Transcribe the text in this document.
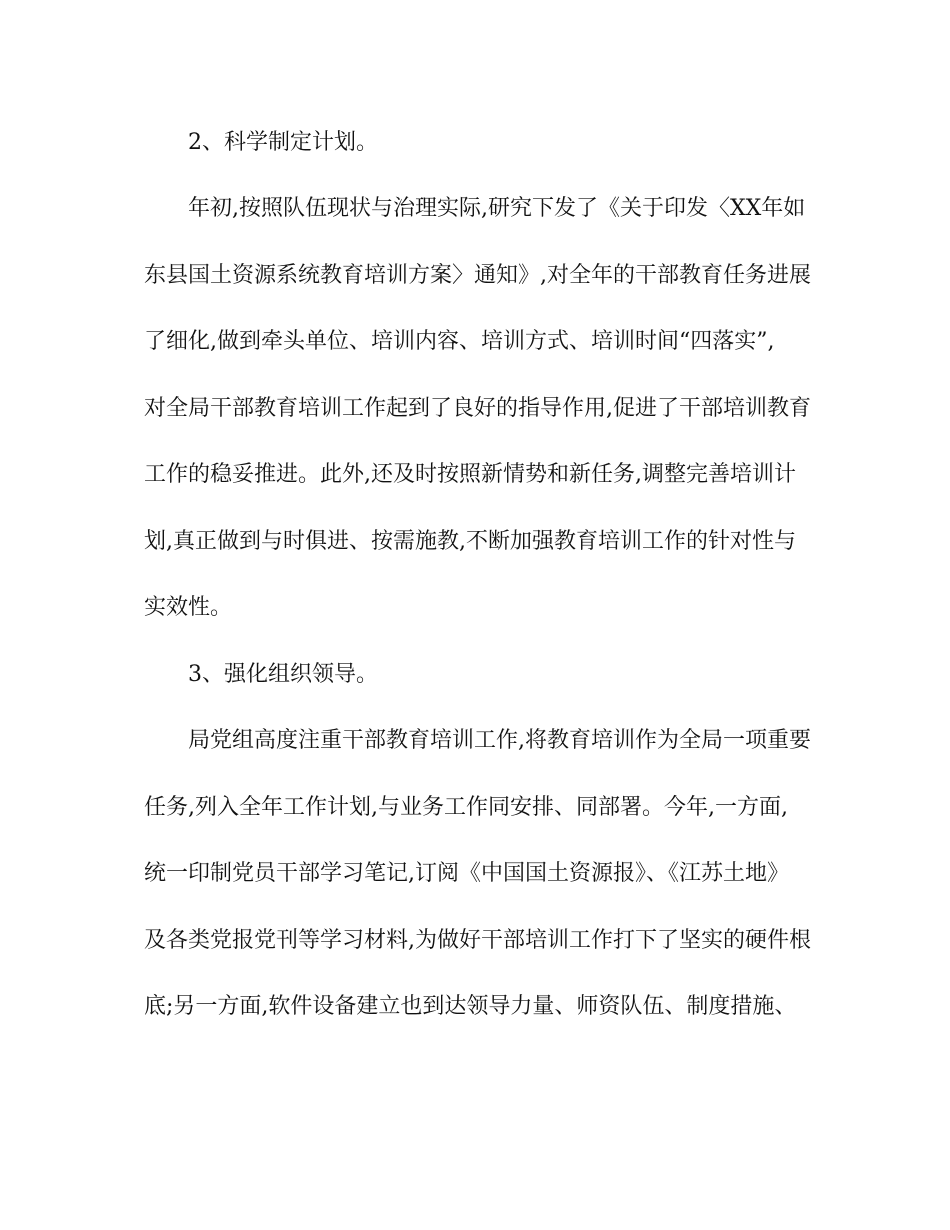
2、科学制定计划。
年初,按照队伍现状与治理实际,研究下发了《关于印发〈XX年如
东县国土资源系统教育培训方案〉通知》,对全年的干部教育任务进展
了细化,做到牵头单位、培训内容、培训方式、培训时间“四落实”,
对全局干部教育培训工作起到了良好的指导作用,促进了干部培训教育
工作的稳妥推进。此外,还及时按照新情势和新任务,调整完善培训计
划,真正做到与时俱进、按需施教,不断加强教育培训工作的针对性与
实效性。
3、强化组织领导。
局党组高度注重干部教育培训工作,将教育培训作为全局一项重要
任务,列入全年工作计划,与业务工作同安排、同部署。今年,一方面,
统一印制党员干部学习笔记,订阅《中国国土资源报》、《江苏土地》
及各类党报党刊等学习材料,为做好干部培训工作打下了坚实的硬件根
底;另一方面,软件设备建立也到达领导力量、师资队伍、制度措施、
